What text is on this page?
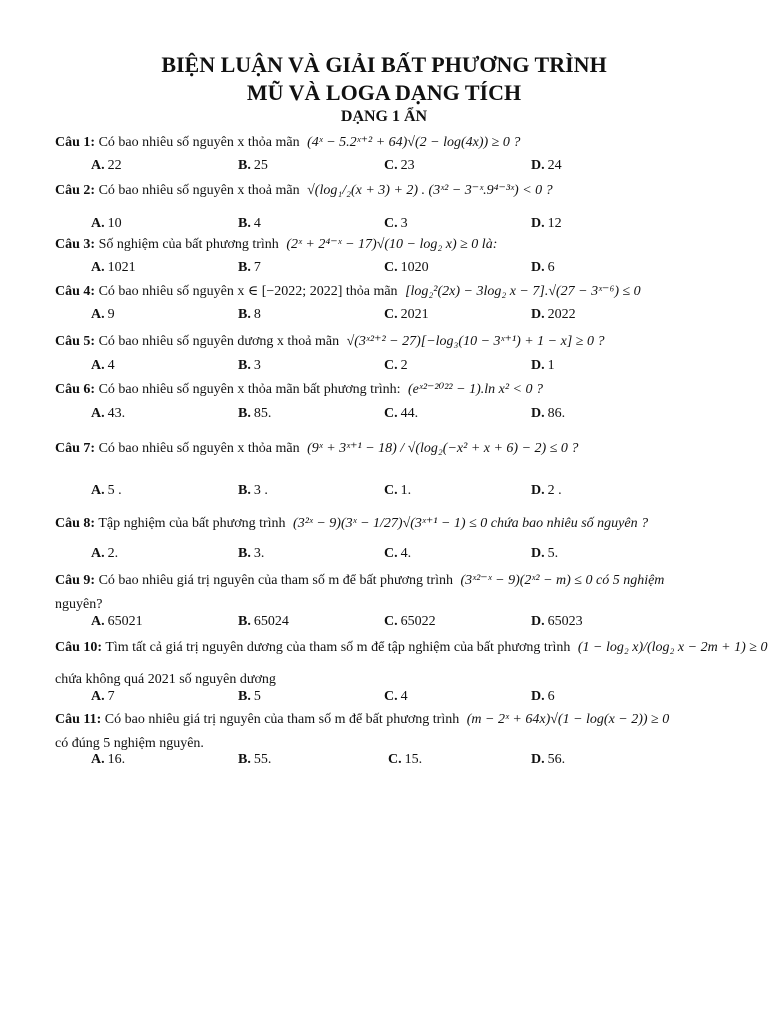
BIỆN LUẬN VÀ GIẢI BẤT PHƯƠNG TRÌNH
MŨ VÀ LOGA DẠNG TÍCH
DẠNG 1 ẨN
Câu 1: Có bao nhiêu số nguyên x thỏa mãn (4ˣ − 5.2ˣ⁺² + 64)√(2 − log(4x)) ≥ 0 ?
A. 22	B. 25	C. 23	D. 24
Câu 2: Có bao nhiêu số nguyên x thoả mãn √(log₁/₂(x + 3) + 2) . (3ˣ² − 3⁻ˣ.9⁴⁻³ˣ) < 0 ?
A. 10	B. 4	C. 3	D. 12
Câu 3: Số nghiệm của bất phương trình (2ˣ + 2⁴⁻ˣ − 17)√(10 − log₂ x) ≥ 0 là:
A. 1021	B. 7	C. 1020	D. 6
Câu 4: Có bao nhiêu số nguyên x ∈ [−2022; 2022] thỏa mãn [log₂²(2x) − 3log₂ x − 7].√(27 − 3ˣ⁻⁶) ≤ 0
A. 9	B. 8	C. 2021	D. 2022
Câu 5: Có bao nhiêu số nguyên dương x thoả mãn √(3ˣ²⁺² − 27)[−log₃(10 − 3ˣ⁺¹) + 1 − x] ≥ 0 ?
A. 4	B. 3	C. 2	D. 1
Câu 6: Có bao nhiêu số nguyên x thỏa mãn bất phương trình: (eˣ²⁻²⁰²² − 1).ln x² < 0 ?
A. 43.	B. 85.	C. 44.	D. 86.
Câu 7: Có bao nhiêu số nguyên x thỏa mãn (9ˣ + 3ˣ⁺¹ − 18) / √(log₂(−x² + x + 6) − 2) ≤ 0 ?
A. 5 .	B. 3 .	C. 1.	D. 2 .
Câu 8: Tập nghiệm của bất phương trình (3²ˣ − 9)(3ˣ − 1/27)√(3ˣ⁺¹ − 1) ≤ 0 chứa bao nhiêu số nguyên ?
A. 2.	B. 3.	C. 4.	D. 5.
Câu 9: Có bao nhiêu giá trị nguyên của tham số m để bất phương trình (3ˣ²⁻ˣ − 9)(2ˣ² − m) ≤ 0 có 5 nghiệm
nguyên?
A. 65021	B. 65024	C. 65022	D. 65023
Câu 10: Tìm tất cả giá trị nguyên dương của tham số m để tập nghiệm của bất phương trình (1 − log₂ x)/(log₂ x − 2m + 1) ≥ 0
chứa không quá 2021 số nguyên dương
A. 7	B. 5	C. 4	D. 6
Câu 11: Có bao nhiêu giá trị nguyên của tham số m để bất phương trình (m − 2ˣ + 64x)√(1 − log(x − 2)) ≥ 0
có đúng 5 nghiệm nguyên.
A. 16.	B. 55.	C. 15.	D. 56.
